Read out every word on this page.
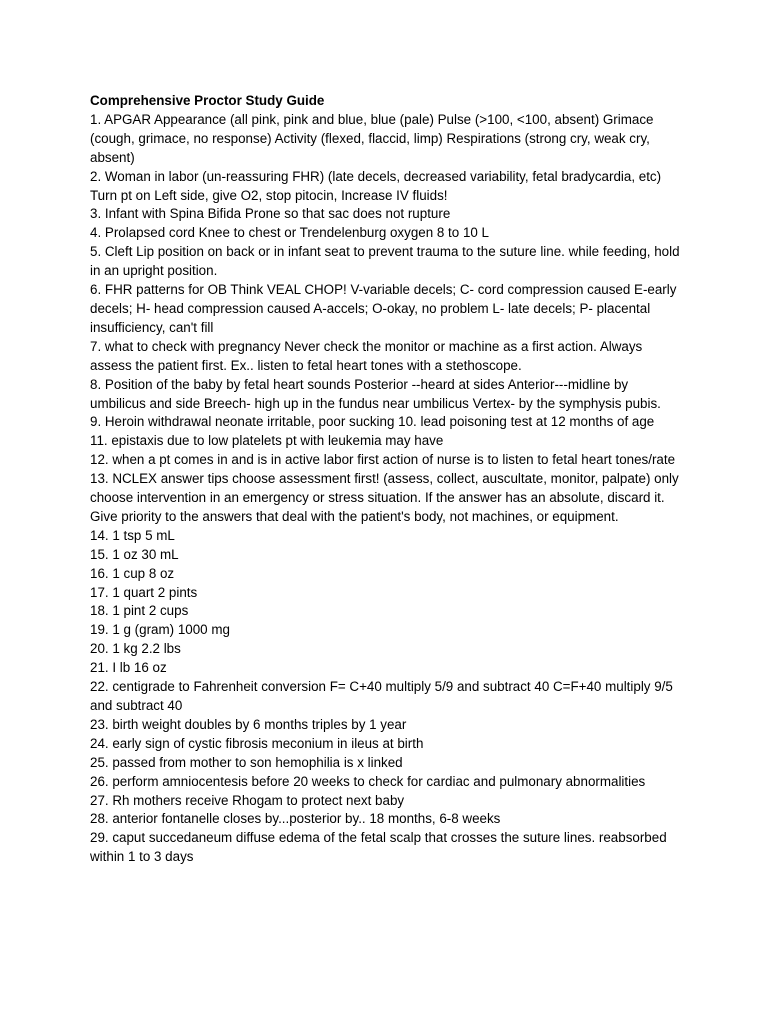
Comprehensive Proctor Study Guide

1. APGAR Appearance (all pink, pink and blue, blue (pale) Pulse (>100, <100, absent) Grimace (cough, grimace, no response) Activity (flexed, flaccid, limp) Respirations (strong cry, weak cry, absent)

2. Woman in labor (un-reassuring FHR) (late decels, decreased variability, fetal bradycardia, etc) Turn pt on Left side, give O2, stop pitocin, Increase IV fluids!

3. Infant with Spina Bifida Prone so that sac does not rupture

4. Prolapsed cord Knee to chest or Trendelenburg oxygen 8 to 10 L

5. Cleft Lip position on back or in infant seat to prevent trauma to the suture line. while feeding, hold in an upright position.

6. FHR patterns for OB Think VEAL CHOP! V-variable decels; C- cord compression caused E-early decels; H- head compression caused A-accels; O-okay, no problem L- late decels; P- placental insufficiency, can't fill

7. what to check with pregnancy Never check the monitor or machine as a first action. Always assess the patient first. Ex.. listen to fetal heart tones with a stethoscope.

8. Position of the baby by fetal heart sounds Posterior --heard at sides Anterior---midline by umbilicus and side Breech- high up in the fundus near umbilicus Vertex- by the symphysis pubis.

9. Heroin withdrawal neonate irritable, poor sucking 10. lead poisoning test at 12 months of age

11. epistaxis due to low platelets pt with leukemia may have

12. when a pt comes in and is in active labor first action of nurse is to listen to fetal heart tones/rate

13. NCLEX answer tips choose assessment first! (assess, collect, auscultate, monitor, palpate) only choose intervention in an emergency or stress situation. If the answer has an absolute, discard it. Give priority to the answers that deal with the patient's body, not machines, or equipment.

14. 1 tsp 5 mL

15. 1 oz 30 mL

16. 1 cup 8 oz

17. 1 quart 2 pints

18. 1 pint 2 cups

19. 1 g (gram) 1000 mg

20. 1 kg 2.2 lbs

21. I lb 16 oz

22. centigrade to Fahrenheit conversion F= C+40 multiply 5/9 and subtract 40 C=F+40 multiply 9/5 and subtract 40

23. birth weight doubles by 6 months triples by 1 year

24. early sign of cystic fibrosis meconium in ileus at birth

25. passed from mother to son hemophilia is x linked

26. perform amniocentesis before 20 weeks to check for cardiac and pulmonary abnormalities

27. Rh mothers receive Rhogam to protect next baby

28. anterior fontanelle closes by...posterior by.. 18 months, 6-8 weeks

29. caput succedaneum diffuse edema of the fetal scalp that crosses the suture lines. reabsorbed within 1 to 3 days
